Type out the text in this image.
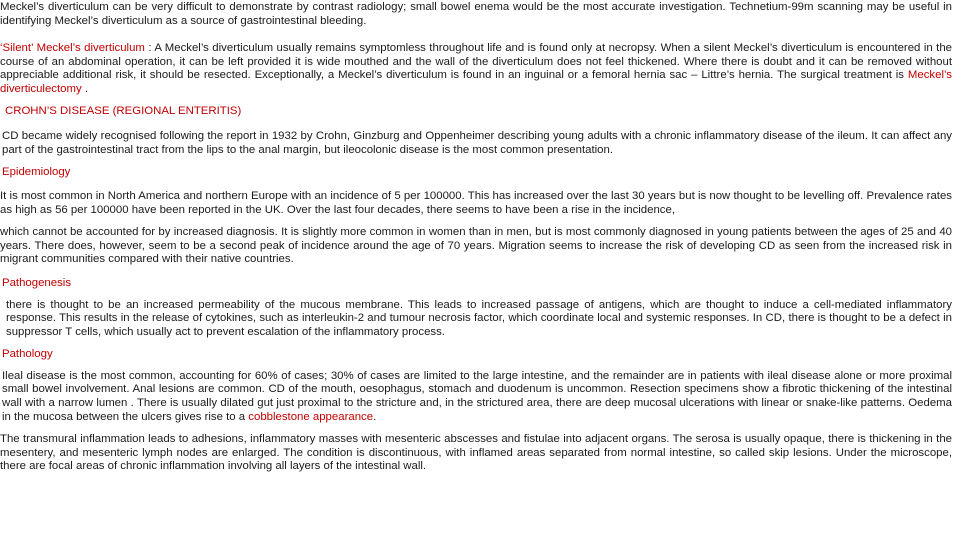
Meckel’s diverticulum can be very difficult to demonstrate by contrast radiology; small bowel enema would be the most accurate investigation. Technetium-99m scanning may be useful in identifying Meckel’s diverticulum as a source of gastrointestinal bleeding.

‘Silent’ Meckel’s diverticulum : A Meckel’s diverticulum usually remains symptomless throughout life and is found only at necropsy. When a silent Meckel’s diverticulum is encountered in the course of an abdominal operation, it can be left provided it is wide mouthed and the wall of the diverticulum does not feel thickened. Where there is doubt and it can be removed without appreciable additional risk, it should be resected. Exceptionally, a Meckel’s diverticulum is found in an inguinal or a femoral hernia sac – Littre’s hernia. The surgical treatment is Meckel’s diverticulectomy .

CROHN’S DISEASE (REGIONAL ENTERITIS)

CD became widely recognised following the report in 1932 by Crohn, Ginzburg and Oppenheimer describing young adults with a chronic inflammatory disease of the ileum. It can affect any part of the gastrointestinal tract from the lips to the anal margin, but ileocolonic disease is the most common presentation.

Epidemiology

It is most common in North America and northern Europe with an incidence of 5 per 100000. This has increased over the last 30 years but is now thought to be levelling off. Prevalence rates as high as 56 per 100000 have been reported in the UK. Over the last four decades, there seems to have been a rise in the incidence,

which cannot be accounted for by increased diagnosis. It is slightly more common in women than in men, but is most commonly diagnosed in young patients between the ages of 25 and 40 years. There does, however, seem to be a second peak of incidence around the age of 70 years. Migration seems to increase the risk of developing CD as seen from the increased risk in migrant communities compared with their native countries.

Pathogenesis

there is thought to be an increased permeability of the mucous membrane. This leads to increased passage of antigens, which are thought to induce a cell-mediated inflammatory response. This results in the release of cytokines, such as interleukin-2 and tumour necrosis factor, which coordinate local and systemic responses. In CD, there is thought to be a defect in suppressor T cells, which usually act to prevent escalation of the inflammatory process.

Pathology

Ileal disease is the most common, accounting for 60% of cases; 30% of cases are limited to the large intestine, and the remainder are in patients with ileal disease alone or more proximal small bowel involvement. Anal lesions are common. CD of the mouth, oesophagus, stomach and duodenum is uncommon. Resection specimens show a fibrotic thickening of the intestinal wall with a narrow lumen . There is usually dilated gut just proximal to the stricture and, in the strictured area, there are deep mucosal ulcerations with linear or snake-like patterns. Oedema in the mucosa between the ulcers gives rise to a cobblestone appearance.

The transmural inflammation leads to adhesions, inflammatory masses with mesenteric abscesses and fistulae into adjacent organs. The serosa is usually opaque, there is thickening in the mesentery, and mesenteric lymph nodes are enlarged. The condition is discontinuous, with inflamed areas separated from normal intestine, so called skip lesions. Under the microscope, there are focal areas of chronic inflammation involving all layers of the intestinal wall.
